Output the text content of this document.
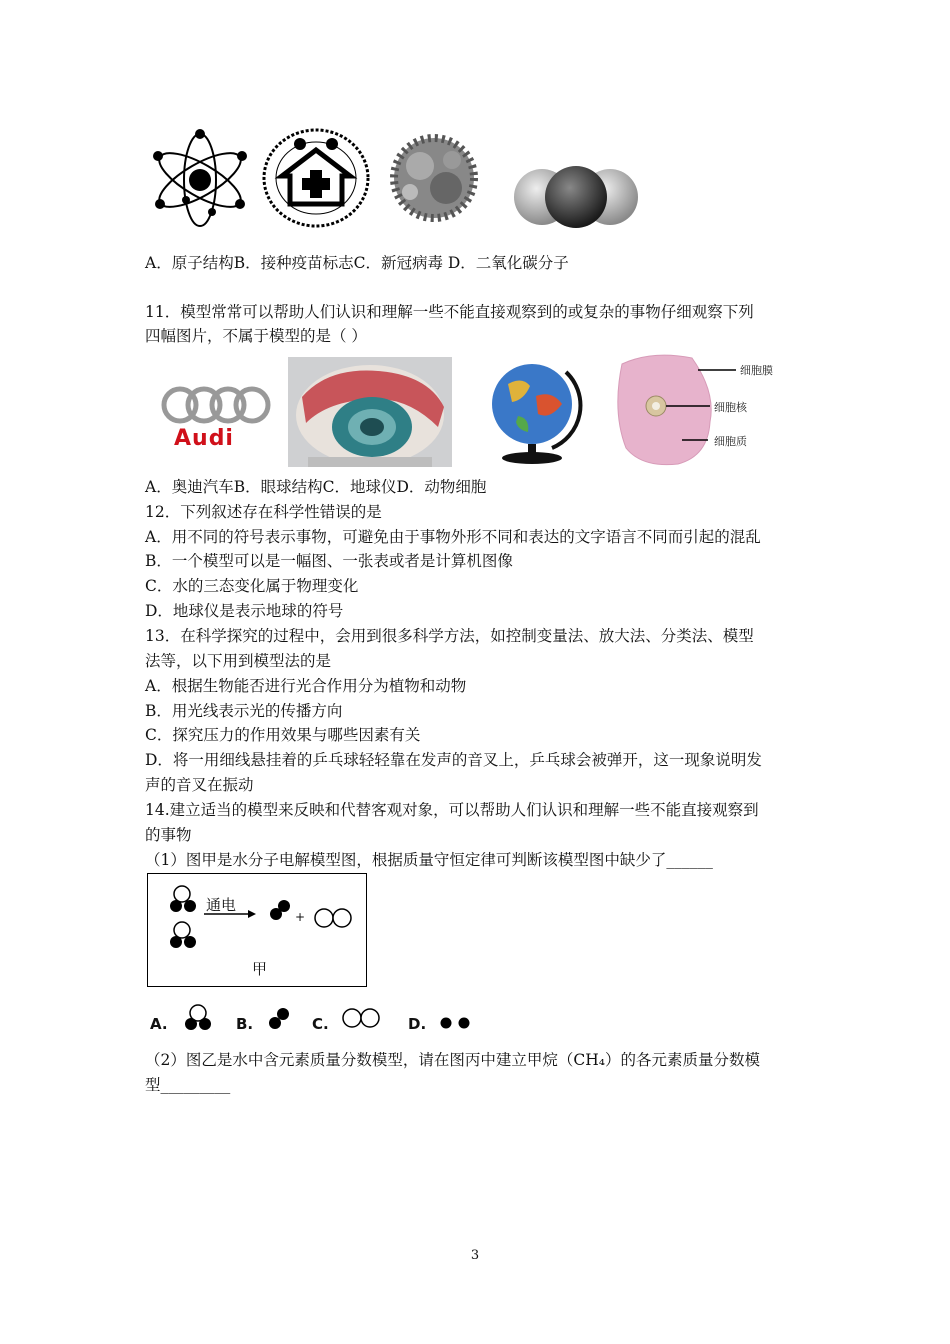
A．原子结构B．接种疫苗标志C．新冠病毒 D．二氧化碳分子
11．模型常常可以帮助人们认识和理解一些不能直接观察到的或复杂的事物仔细观察下列
四幅图片，不属于模型的是（ ）
Audi
细胞膜
细胞核
细胞质
A．奥迪汽车B．眼球结构C．地球仪D．动物细胞
12．下列叙述存在科学性错误的是
A．用不同的符号表示事物，可避免由于事物外形不同和表达的文字语言不同而引起的混乱
B．一个模型可以是一幅图、一张表或者是计算机图像
C．水的三态变化属于物理变化
D．地球仪是表示地球的符号
13．在科学探究的过程中，会用到很多科学方法，如控制变量法、放大法、分类法、模型
法等，以下用到模型法的是
A．根据生物能否进行光合作用分为植物和动物
B．用光线表示光的传播方向
C．探究压力的作用效果与哪些因素有关
D．将一用细线悬挂着的乒乓球轻轻靠在发声的音叉上，乒乓球会被弹开，这一现象说明发
声的音叉在振动
14.建立适当的模型来反映和代替客观对象，可以帮助人们认识和理解一些不能直接观察到
的事物
（1）图甲是水分子电解模型图，根据质量守恒定律可判断该模型图中缺少了______
通电
+
甲
A.	B.	C.	D.
（2）图乙是水中含元素质量分数模型，请在图丙中建立甲烷（CH₄）的各元素质量分数模
型_________
3
